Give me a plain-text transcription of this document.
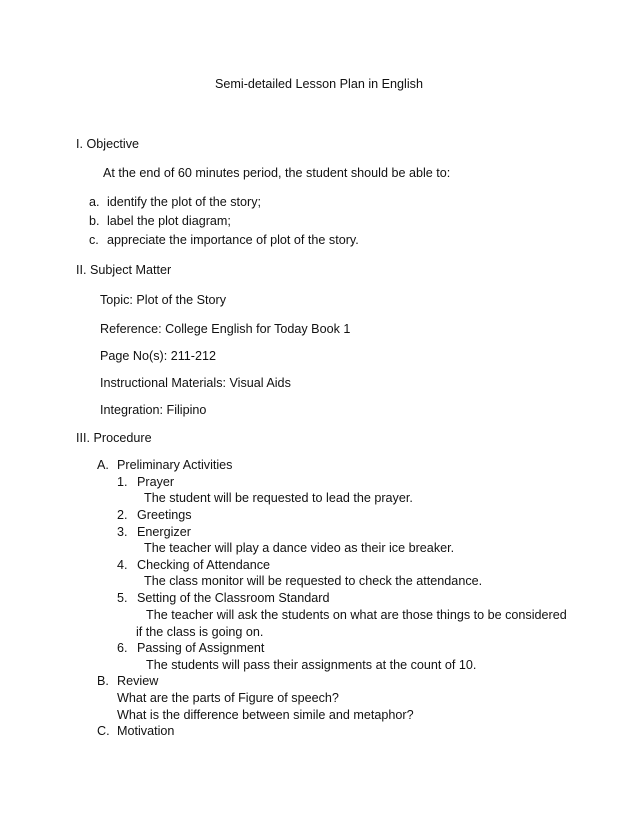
Semi-detailed Lesson Plan in English
I. Objective
At the end of 60 minutes period, the student should be able to:
a. identify the plot of the story;
b. label the plot diagram;
c. appreciate the importance of plot of the story.
II. Subject Matter
Topic: Plot of the Story
Reference: College English for Today Book 1
Page No(s): 211-212
Instructional Materials: Visual Aids
Integration: Filipino
III. Procedure
A. Preliminary Activities
1. Prayer
The student will be requested to lead the prayer.
2. Greetings
3. Energizer
The teacher will play a dance video as their ice breaker.
4. Checking of Attendance
The class monitor will be requested to check the attendance.
5. Setting of the Classroom Standard
The teacher will ask the students on what are those things to be considered
if the class is going on.
6. Passing of Assignment
The students will pass their assignments at the count of 10.
B. Review
What are the parts of Figure of speech?
What is the difference between simile and metaphor?
C. Motivation
